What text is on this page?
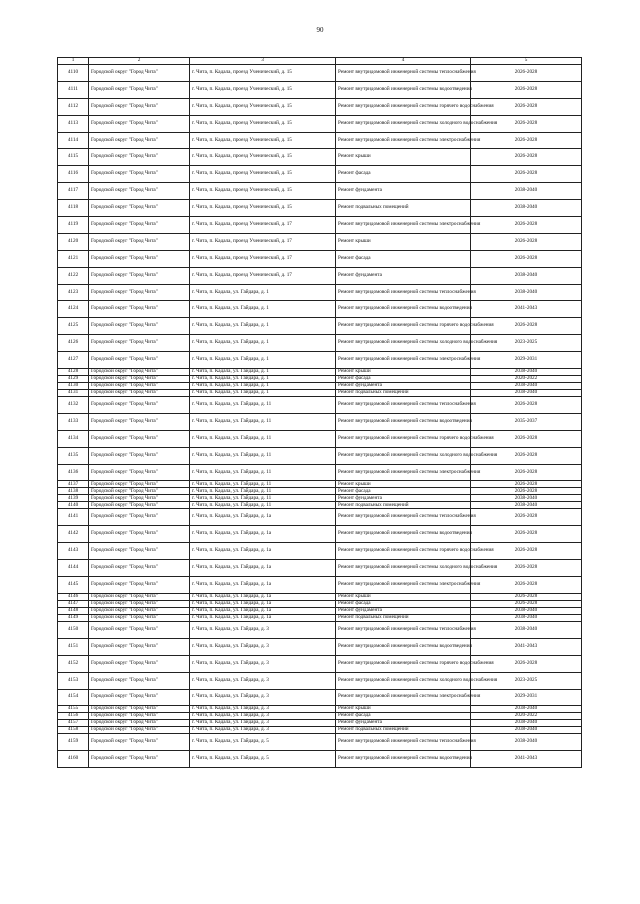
90
1	2	3	4	5
4110	Городской округ "Город Чита"	г. Чита, п. Кадала, проезд Ученический, д. 15	Ремонт внутридомовой инженерной системы теплоснабжения	2026-2028
4111	Городской округ "Город Чита"	г. Чита, п. Кадала, проезд Ученический, д. 15	Ремонт внутридомовой инженерной системы водоотведения	2026-2028
4112	Городской округ "Город Чита"	г. Чита, п. Кадала, проезд Ученический, д. 15	Ремонт внутридомовой инженерной системы горячего водоснабжения	2026-2028
4113	Городской округ "Город Чита"	г. Чита, п. Кадала, проезд Ученический, д. 15	Ремонт внутридомовой инженерной системы холодного водоснабжения	2026-2028
4114	Городской округ "Город Чита"	г. Чита, п. Кадала, проезд Ученический, д. 15	Ремонт внутридомовой инженерной системы электроснабжения	2026-2028
4115	Городской округ "Город Чита"	г. Чита, п. Кадала, проезд Ученический, д. 15	Ремонт крыши	2026-2028
4116	Городской округ "Город Чита"	г. Чита, п. Кадала, проезд Ученический, д. 15	Ремонт фасада	2026-2028
4117	Городской округ "Город Чита"	г. Чита, п. Кадала, проезд Ученический, д. 15	Ремонт фундамента	2038-2040
4118	Городской округ "Город Чита"	г. Чита, п. Кадала, проезд Ученический, д. 15	Ремонт подвальных помещений	2038-2040
4119	Городской округ "Город Чита"	г. Чита, п. Кадала, проезд Ученический, д. 17	Ремонт внутридомовой инженерной системы электроснабжения	2026-2028
4120	Городской округ "Город Чита"	г. Чита, п. Кадала, проезд Ученический, д. 17	Ремонт крыши	2026-2028
4121	Городской округ "Город Чита"	г. Чита, п. Кадала, проезд Ученический, д. 17	Ремонт фасада	2026-2028
4122	Городской округ "Город Чита"	г. Чита, п. Кадала, проезд Ученический, д. 17	Ремонт фундамента	2038-2040
4123	Городской округ "Город Чита"	г. Чита, п. Кадала, ул. Гайдара, д. 1	Ремонт внутридомовой инженерной системы теплоснабжения	2038-2040
4124	Городской округ "Город Чита"	г. Чита, п. Кадала, ул. Гайдара, д. 1	Ремонт внутридомовой инженерной системы водоотведения	2041-2043
4125	Городской округ "Город Чита"	г. Чита, п. Кадала, ул. Гайдара, д. 1	Ремонт внутридомовой инженерной системы горячего водоснабжения	2026-2028
4126	Городской округ "Город Чита"	г. Чита, п. Кадала, ул. Гайдара, д. 1	Ремонт внутридомовой инженерной системы холодного водоснабжения	2023-2025
4127	Городской округ "Город Чита"	г. Чита, п. Кадала, ул. Гайдара, д. 1	Ремонт внутридомовой инженерной системы электроснабжения	2029-2031
4128	Городской округ "Город Чита"	г. Чита, п. Кадала, ул. Гайдара, д. 1	Ремонт крыши	2038-2040
4129	Городской округ "Город Чита"	г. Чита, п. Кадала, ул. Гайдара, д. 1	Ремонт фасада	2020-2022
4130	Городской округ "Город Чита"	г. Чита, п. Кадала, ул. Гайдара, д. 1	Ремонт фундамента	2038-2040
4131	Городской округ "Город Чита"	г. Чита, п. Кадала, ул. Гайдара, д. 1	Ремонт подвальных помещений	2038-2040
4132	Городской округ "Город Чита"	г. Чита, п. Кадала, ул. Гайдара, д. 11	Ремонт внутридомовой инженерной системы теплоснабжения	2026-2028
4133	Городской округ "Город Чита"	г. Чита, п. Кадала, ул. Гайдара, д. 11	Ремонт внутридомовой инженерной системы водоотведения	2035-2037
4134	Городской округ "Город Чита"	г. Чита, п. Кадала, ул. Гайдара, д. 11	Ремонт внутридомовой инженерной системы горячего водоснабжения	2026-2028
4135	Городской округ "Город Чита"	г. Чита, п. Кадала, ул. Гайдара, д. 11	Ремонт внутридомовой инженерной системы холодного водоснабжения	2026-2028
4136	Городской округ "Город Чита"	г. Чита, п. Кадала, ул. Гайдара, д. 11	Ремонт внутридомовой инженерной системы электроснабжения	2026-2028
4137	Городской округ "Город Чита"	г. Чита, п. Кадала, ул. Гайдара, д. 11	Ремонт крыши	2026-2028
4138	Городской округ "Город Чита"	г. Чита, п. Кадала, ул. Гайдара, д. 11	Ремонт фасада	2026-2028
4139	Городской округ "Город Чита"	г. Чита, п. Кадала, ул. Гайдара, д. 11	Ремонт фундамента	2038-2040
4140	Городской округ "Город Чита"	г. Чита, п. Кадала, ул. Гайдара, д. 11	Ремонт подвальных помещений	2038-2040
4141	Городской округ "Город Чита"	г. Чита, п. Кадала, ул. Гайдара, д. 1а	Ремонт внутридомовой инженерной системы теплоснабжения	2026-2028
4142	Городской округ "Город Чита"	г. Чита, п. Кадала, ул. Гайдара, д. 1а	Ремонт внутридомовой инженерной системы водоотведения	2026-2028
4143	Городской округ "Город Чита"	г. Чита, п. Кадала, ул. Гайдара, д. 1а	Ремонт внутридомовой инженерной системы горячего водоснабжения	2026-2028
4144	Городской округ "Город Чита"	г. Чита, п. Кадала, ул. Гайдара, д. 1а	Ремонт внутридомовой инженерной системы холодного водоснабжения	2026-2028
4145	Городской округ "Город Чита"	г. Чита, п. Кадала, ул. Гайдара, д. 1а	Ремонт внутридомовой инженерной системы электроснабжения	2026-2028
4146	Городской округ "Город Чита"	г. Чита, п. Кадала, ул. Гайдара, д. 1а	Ремонт крыши	2026-2028
4147	Городской округ "Город Чита"	г. Чита, п. Кадала, ул. Гайдара, д. 1а	Ремонт фасада	2026-2028
4148	Городской округ "Город Чита"	г. Чита, п. Кадала, ул. Гайдара, д. 1а	Ремонт фундамента	2038-2040
4149	Городской округ "Город Чита"	г. Чита, п. Кадала, ул. Гайдара, д. 1а	Ремонт подвальных помещений	2038-2040
4150	Городской округ "Город Чита"	г. Чита, п. Кадала, ул. Гайдара, д. 3	Ремонт внутридомовой инженерной системы теплоснабжения	2038-2040
4151	Городской округ "Город Чита"	г. Чита, п. Кадала, ул. Гайдара, д. 3	Ремонт внутридомовой инженерной системы водоотведения	2041-2043
4152	Городской округ "Город Чита"	г. Чита, п. Кадала, ул. Гайдара, д. 3	Ремонт внутридомовой инженерной системы горячего водоснабжения	2026-2028
4153	Городской округ "Город Чита"	г. Чита, п. Кадала, ул. Гайдара, д. 3	Ремонт внутридомовой инженерной системы холодного водоснабжения	2023-2025
4154	Городской округ "Город Чита"	г. Чита, п. Кадала, ул. Гайдара, д. 3	Ремонт внутридомовой инженерной системы электроснабжения	2029-2031
4155	Городской округ "Город Чита"	г. Чита, п. Кадала, ул. Гайдара, д. 3	Ремонт крыши	2038-2040
4156	Городской округ "Город Чита"	г. Чита, п. Кадала, ул. Гайдара, д. 3	Ремонт фасада	2020-2022
4157	Городской округ "Город Чита"	г. Чита, п. Кадала, ул. Гайдара, д. 3	Ремонт фундамента	2038-2040
4158	Городской округ "Город Чита"	г. Чита, п. Кадала, ул. Гайдара, д. 3	Ремонт подвальных помещений	2038-2040
4159	Городской округ "Город Чита"	г. Чита, п. Кадала, ул. Гайдара, д. 5	Ремонт внутридомовой инженерной системы теплоснабжения	2038-2040
4160	Городской округ "Город Чита"	г. Чита, п. Кадала, ул. Гайдара, д. 5	Ремонт внутридомовой инженерной системы водоотведения	2041-2043
